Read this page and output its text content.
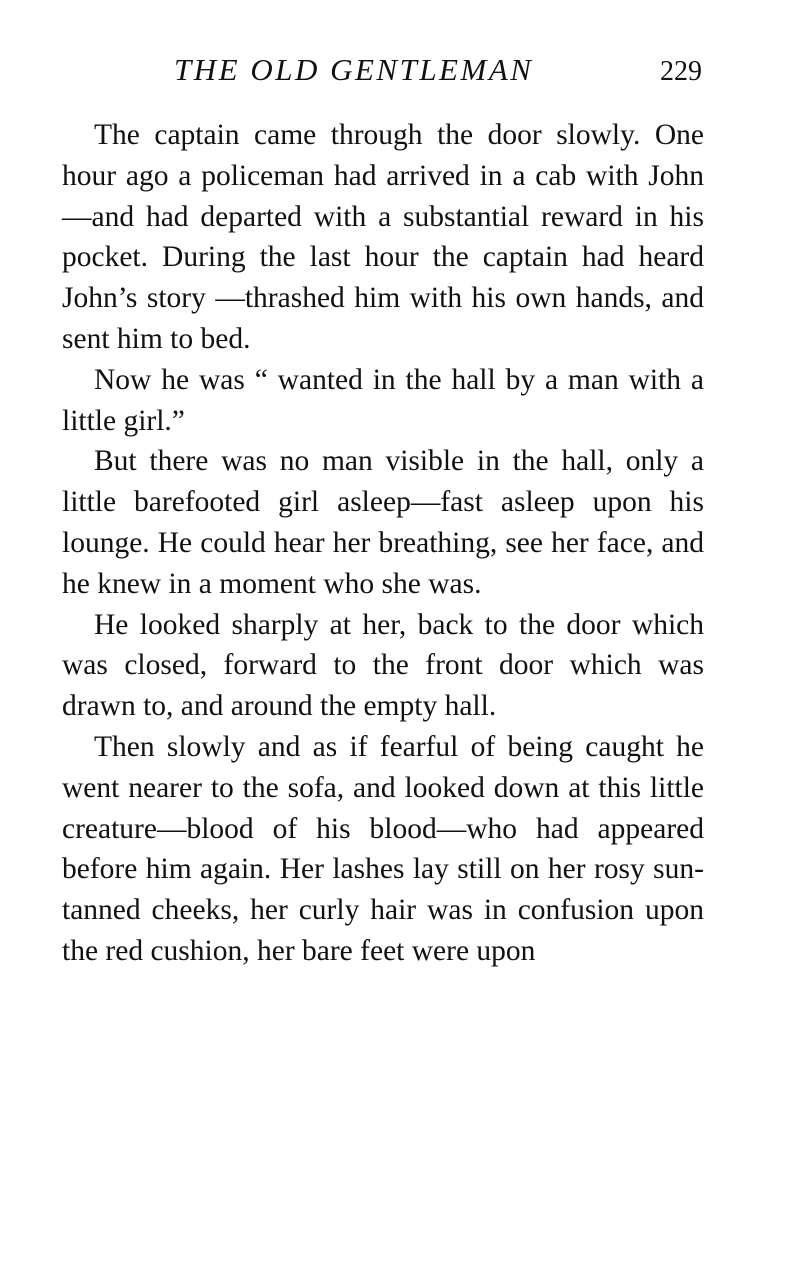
THE OLD GENTLEMAN	229

The captain came through the door slowly. One hour ago a policeman had arrived in a cab with John—and had departed with a substantial reward in his pocket. During the last hour the captain had heard John’s story —thrashed him with his own hands, and sent him to bed.

Now he was “ wanted in the hall by a man with a little girl.”

But there was no man visible in the hall, only a little barefooted girl asleep—fast asleep upon his lounge. He could hear her breathing, see her face, and he knew in a moment who she was.

He looked sharply at her, back to the door which was closed, forward to the front door which was drawn to, and around the empty hall.

Then slowly and as if fearful of being caught he went nearer to the sofa, and looked down at this little creature—blood of his blood—who had appeared before him again. Her lashes lay still on her rosy sun-tanned cheeks, her curly hair was in confusion upon the red cushion, her bare feet were upon
